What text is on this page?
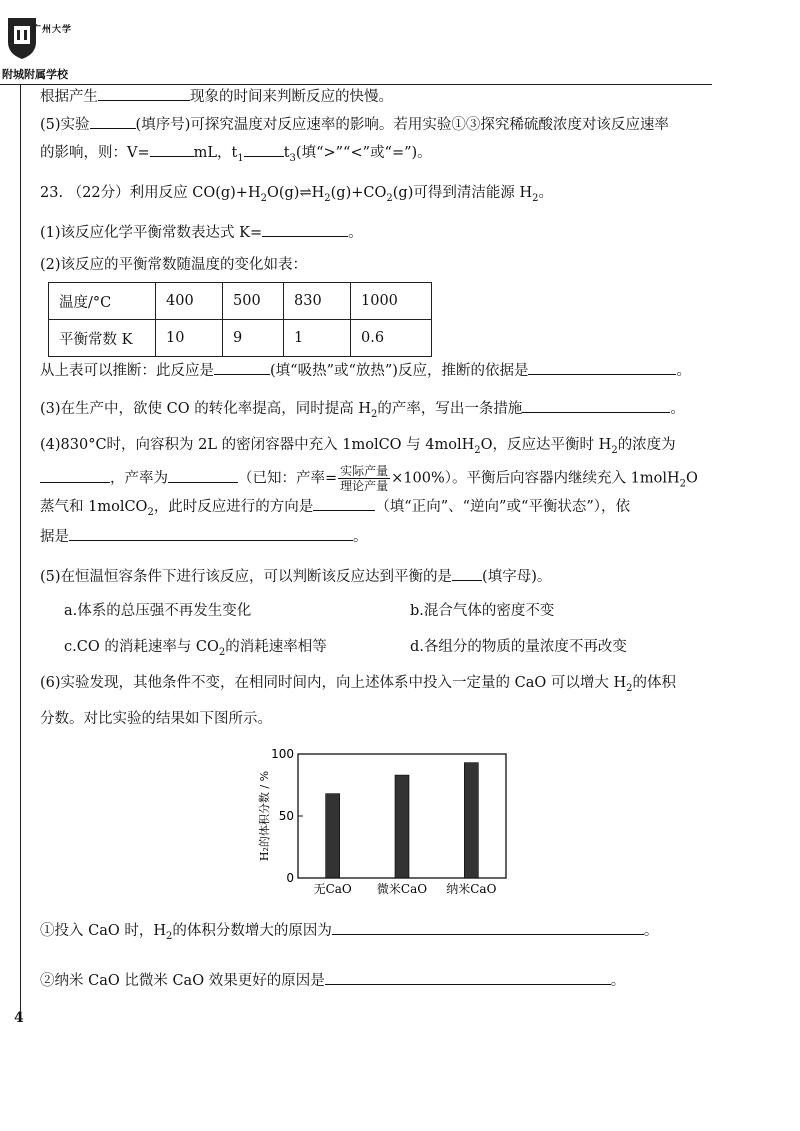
广州大学
附城附属学校
根据产生	现象的时间来判断反应的快慢。
(5)实验	(填序号)可探究温度对反应速率的影响。若用实验①③探究稀硫酸浓度对该反应速率
的影响，则：V=	mL，$t_1$	$t_3$(填“>”“<”或“=”)。
23. （22分）利用反应 $CO(g)+H_2O(g)\rightleftharpoons H_2(g)+CO_2(g)$可得到清洁能源 $H_2$。
(1)该反应化学平衡常数表达式 K=	。
(2)该反应的平衡常数随温度的变化如表：
温度/°C	400	500	830	1000
平衡常数 K	10	9	1	0.6
从上表可以推断：此反应是	(填“吸热”或“放热”)反应，推断的依据是	。
(3)在生产中，欲使 CO 的转化率提高，同时提高 $H_2$的产率，写出一条措施	。
(4)830°C时，向容积为 2L 的密闭容器中充入 1molCO 与 4molH$_2$O，反应达平衡时 $H_2$的浓度为
，产率为	（已知：产率= $\frac{\text{实际产量}}{\text{理论产量}} \times 100\%$）。平衡后向容器内继续充入 1molH$_2$O
蒸气和 1molCO$_2$，此时反应进行的方向是	（填“正向”、“逆向”或“平衡状态”），依
据是	。
(5)在恒温恒容条件下进行该反应，可以判断该反应达到平衡的是 (填字母)。
a.体系的总压强不再发生变化	b.混合气体的密度不变
c.CO 的消耗速率与 $CO_2$的消耗速率相等	d.各组分的物质的量浓度不再改变
(6)实验发现，其他条件不变，在相同时间内，向上述体系中投入一定量的 CaO 可以增大 $H_2$的体积
分数。对比实验的结果如下图所示。
0
50
100
H₂的体积分数 / %
无CaO 微米CaO 纳米CaO
①投入 CaO 时，$H_2$的体积分数增大的原因为	。
②纳米 CaO 比微米 CaO 效果更好的原因是	。
4
